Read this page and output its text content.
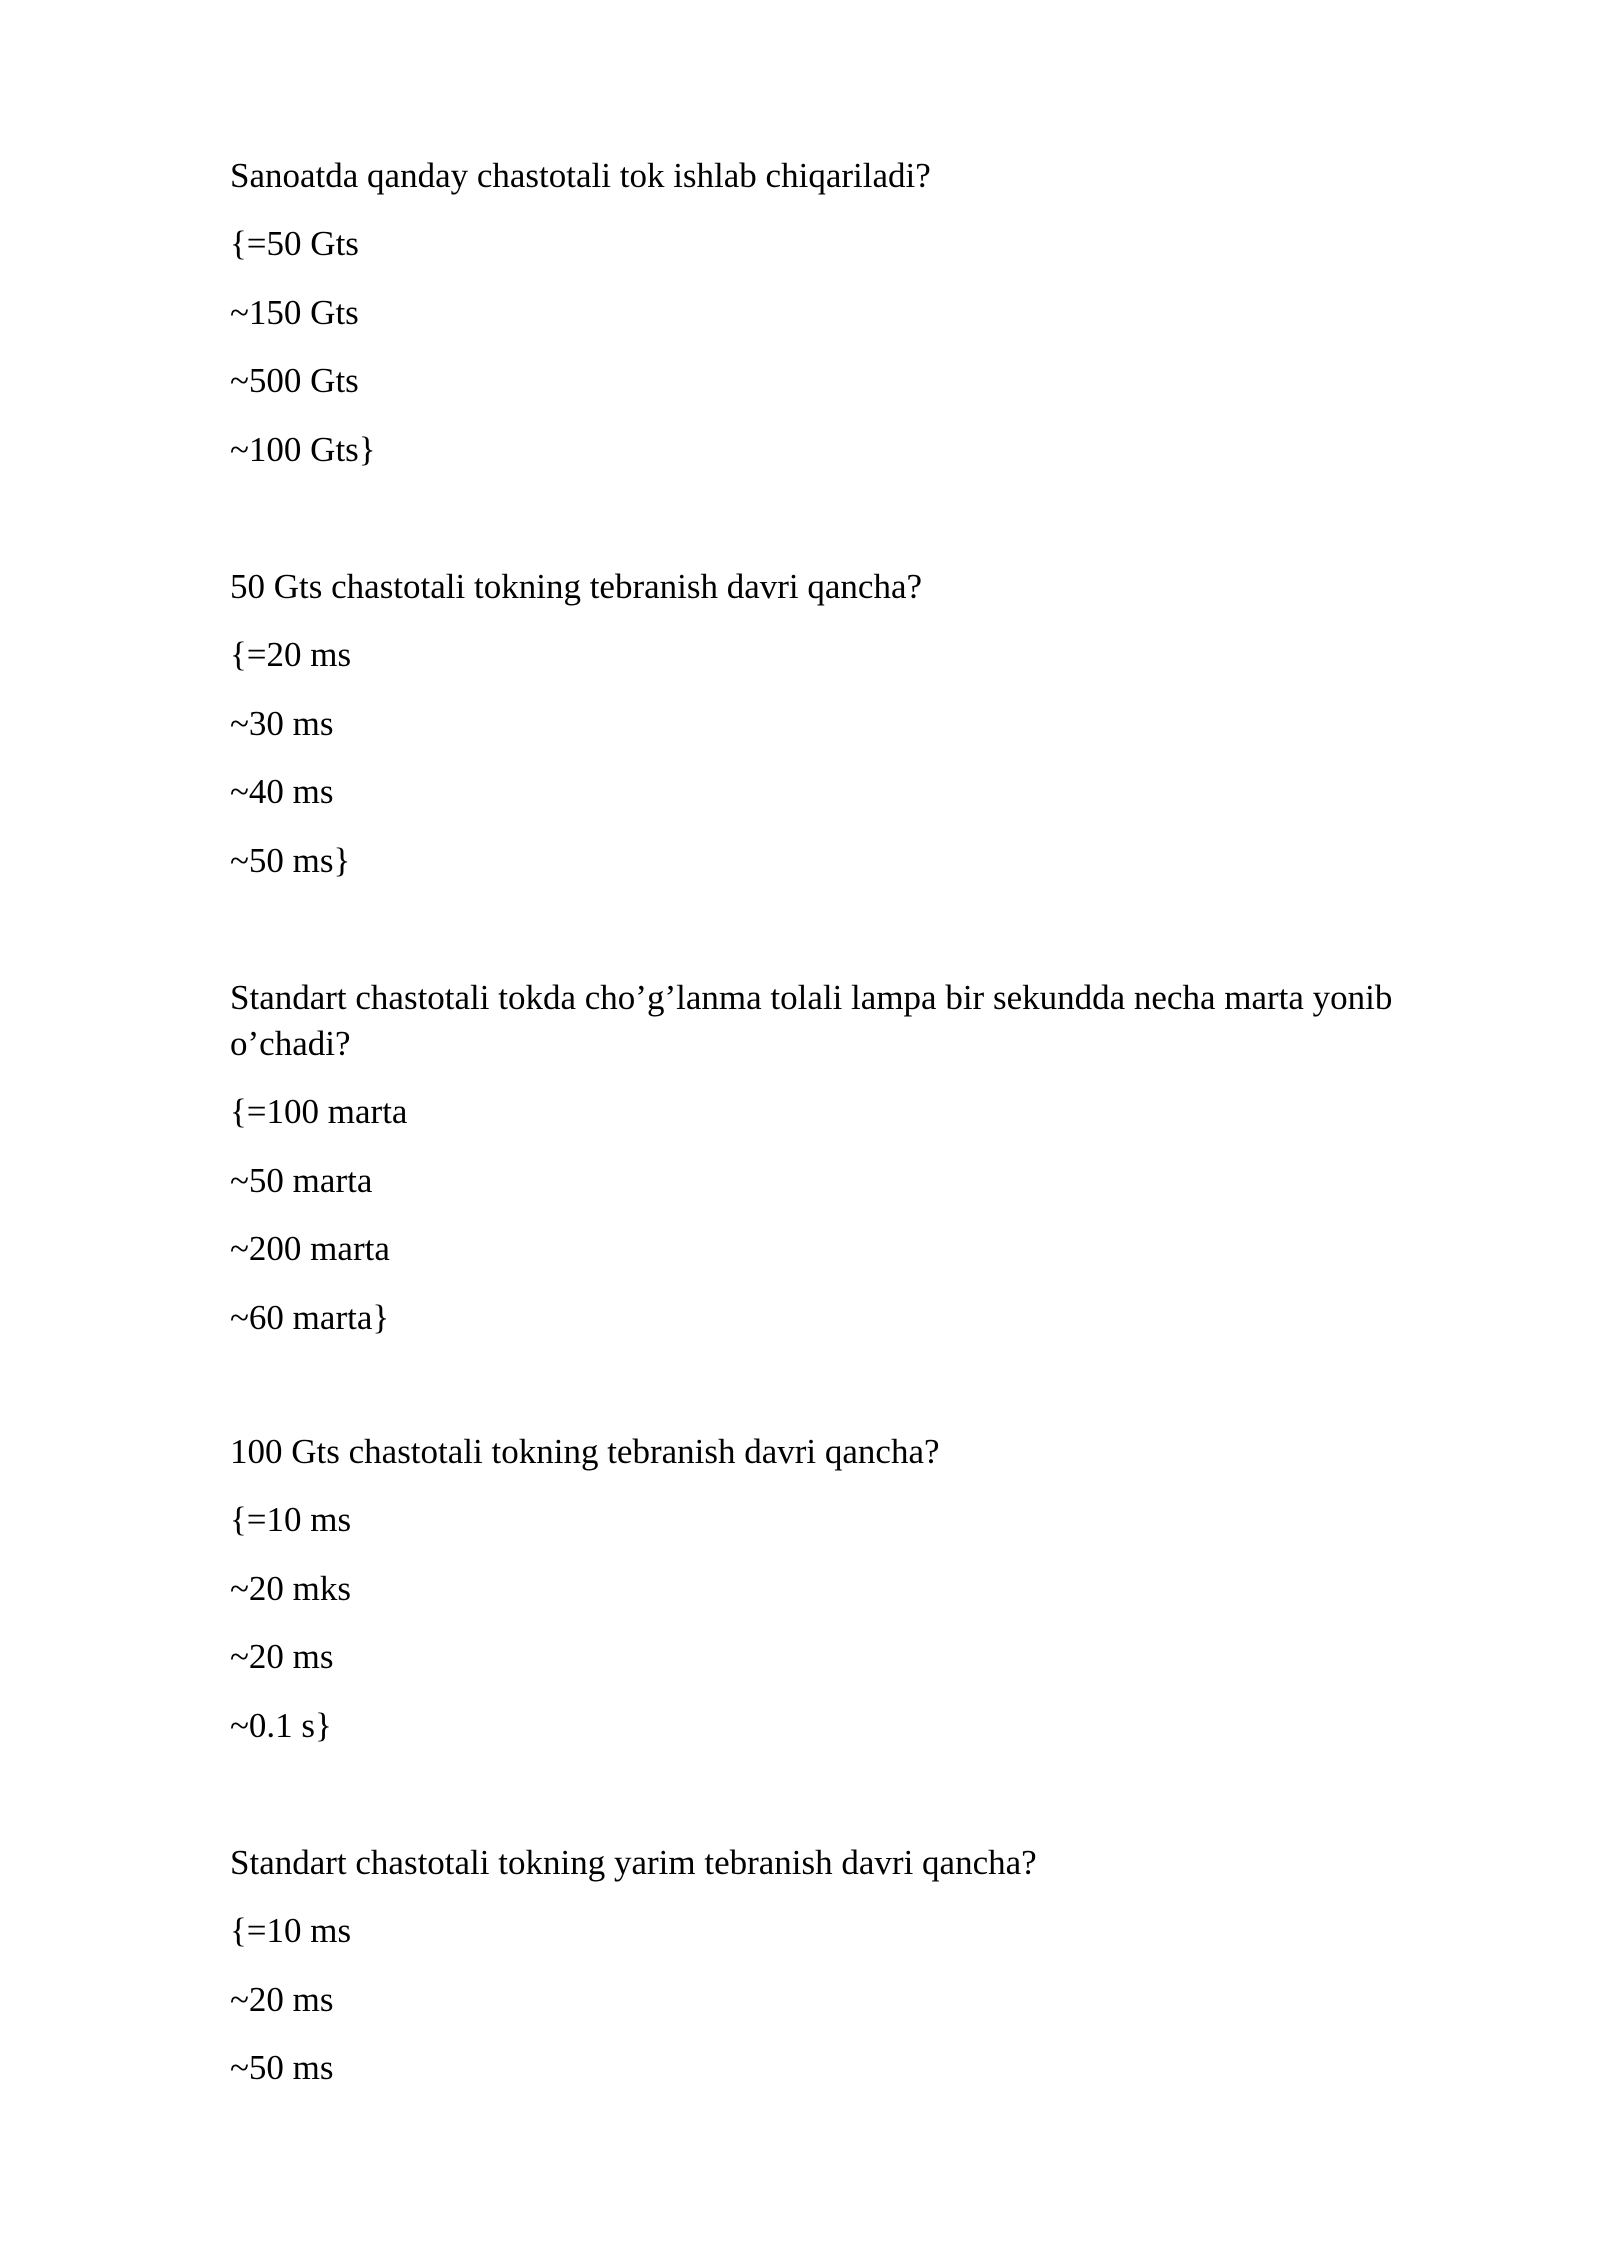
Sanoatda qanday chastotali tok ishlab chiqariladi?

{=50 Gts

~150 Gts

~500 Gts

~100 Gts}

50 Gts chastotali tokning tebranish davri qancha?

{=20 ms

~30 ms

~40 ms

~50 ms}

Standart chastotali tokda cho’g’lanma tolali lampa bir sekundda necha marta yonib o’chadi?

{=100 marta

~50 marta

~200 marta

~60 marta}

100 Gts chastotali tokning tebranish davri qancha?

{=10 ms

~20 mks

~20 ms

~0.1 s}

Standart chastotali tokning yarim tebranish davri qancha?

{=10 ms

~20 ms

~50 ms
